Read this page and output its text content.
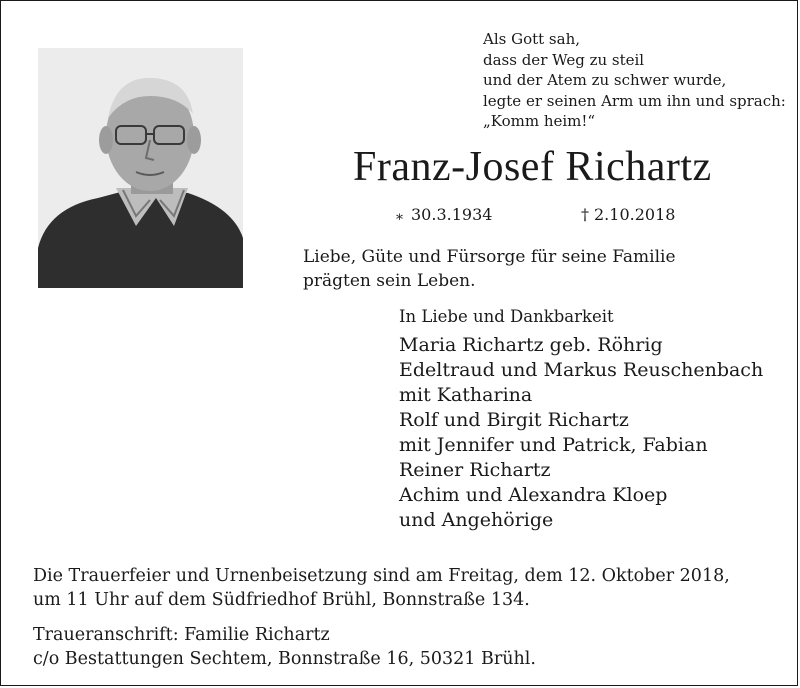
Als Gott sah,
dass der Weg zu steil
und der Atem zu schwer wurde,
legte er seinen Arm um ihn und sprach:
„Komm heim!“
Franz-Josef Richartz
* 30.3.1934	† 2.10.2018
Liebe, Güte und Fürsorge für seine Familie
prägten sein Leben.
In Liebe und Dankbarkeit
Maria Richartz geb. Röhrig
Edeltraud und Markus Reuschenbach
mit Katharina
Rolf und Birgit Richartz
mit Jennifer und Patrick, Fabian
Reiner Richartz
Achim und Alexandra Kloep
und Angehörige
Die Trauerfeier und Urnenbeisetzung sind am Freitag, dem 12. Oktober 2018,
um 11 Uhr auf dem Südfriedhof Brühl, Bonnstraße 134.
Traueranschrift: Familie Richartz
c/o Bestattungen Sechtem, Bonnstraße 16, 50321 Brühl.
